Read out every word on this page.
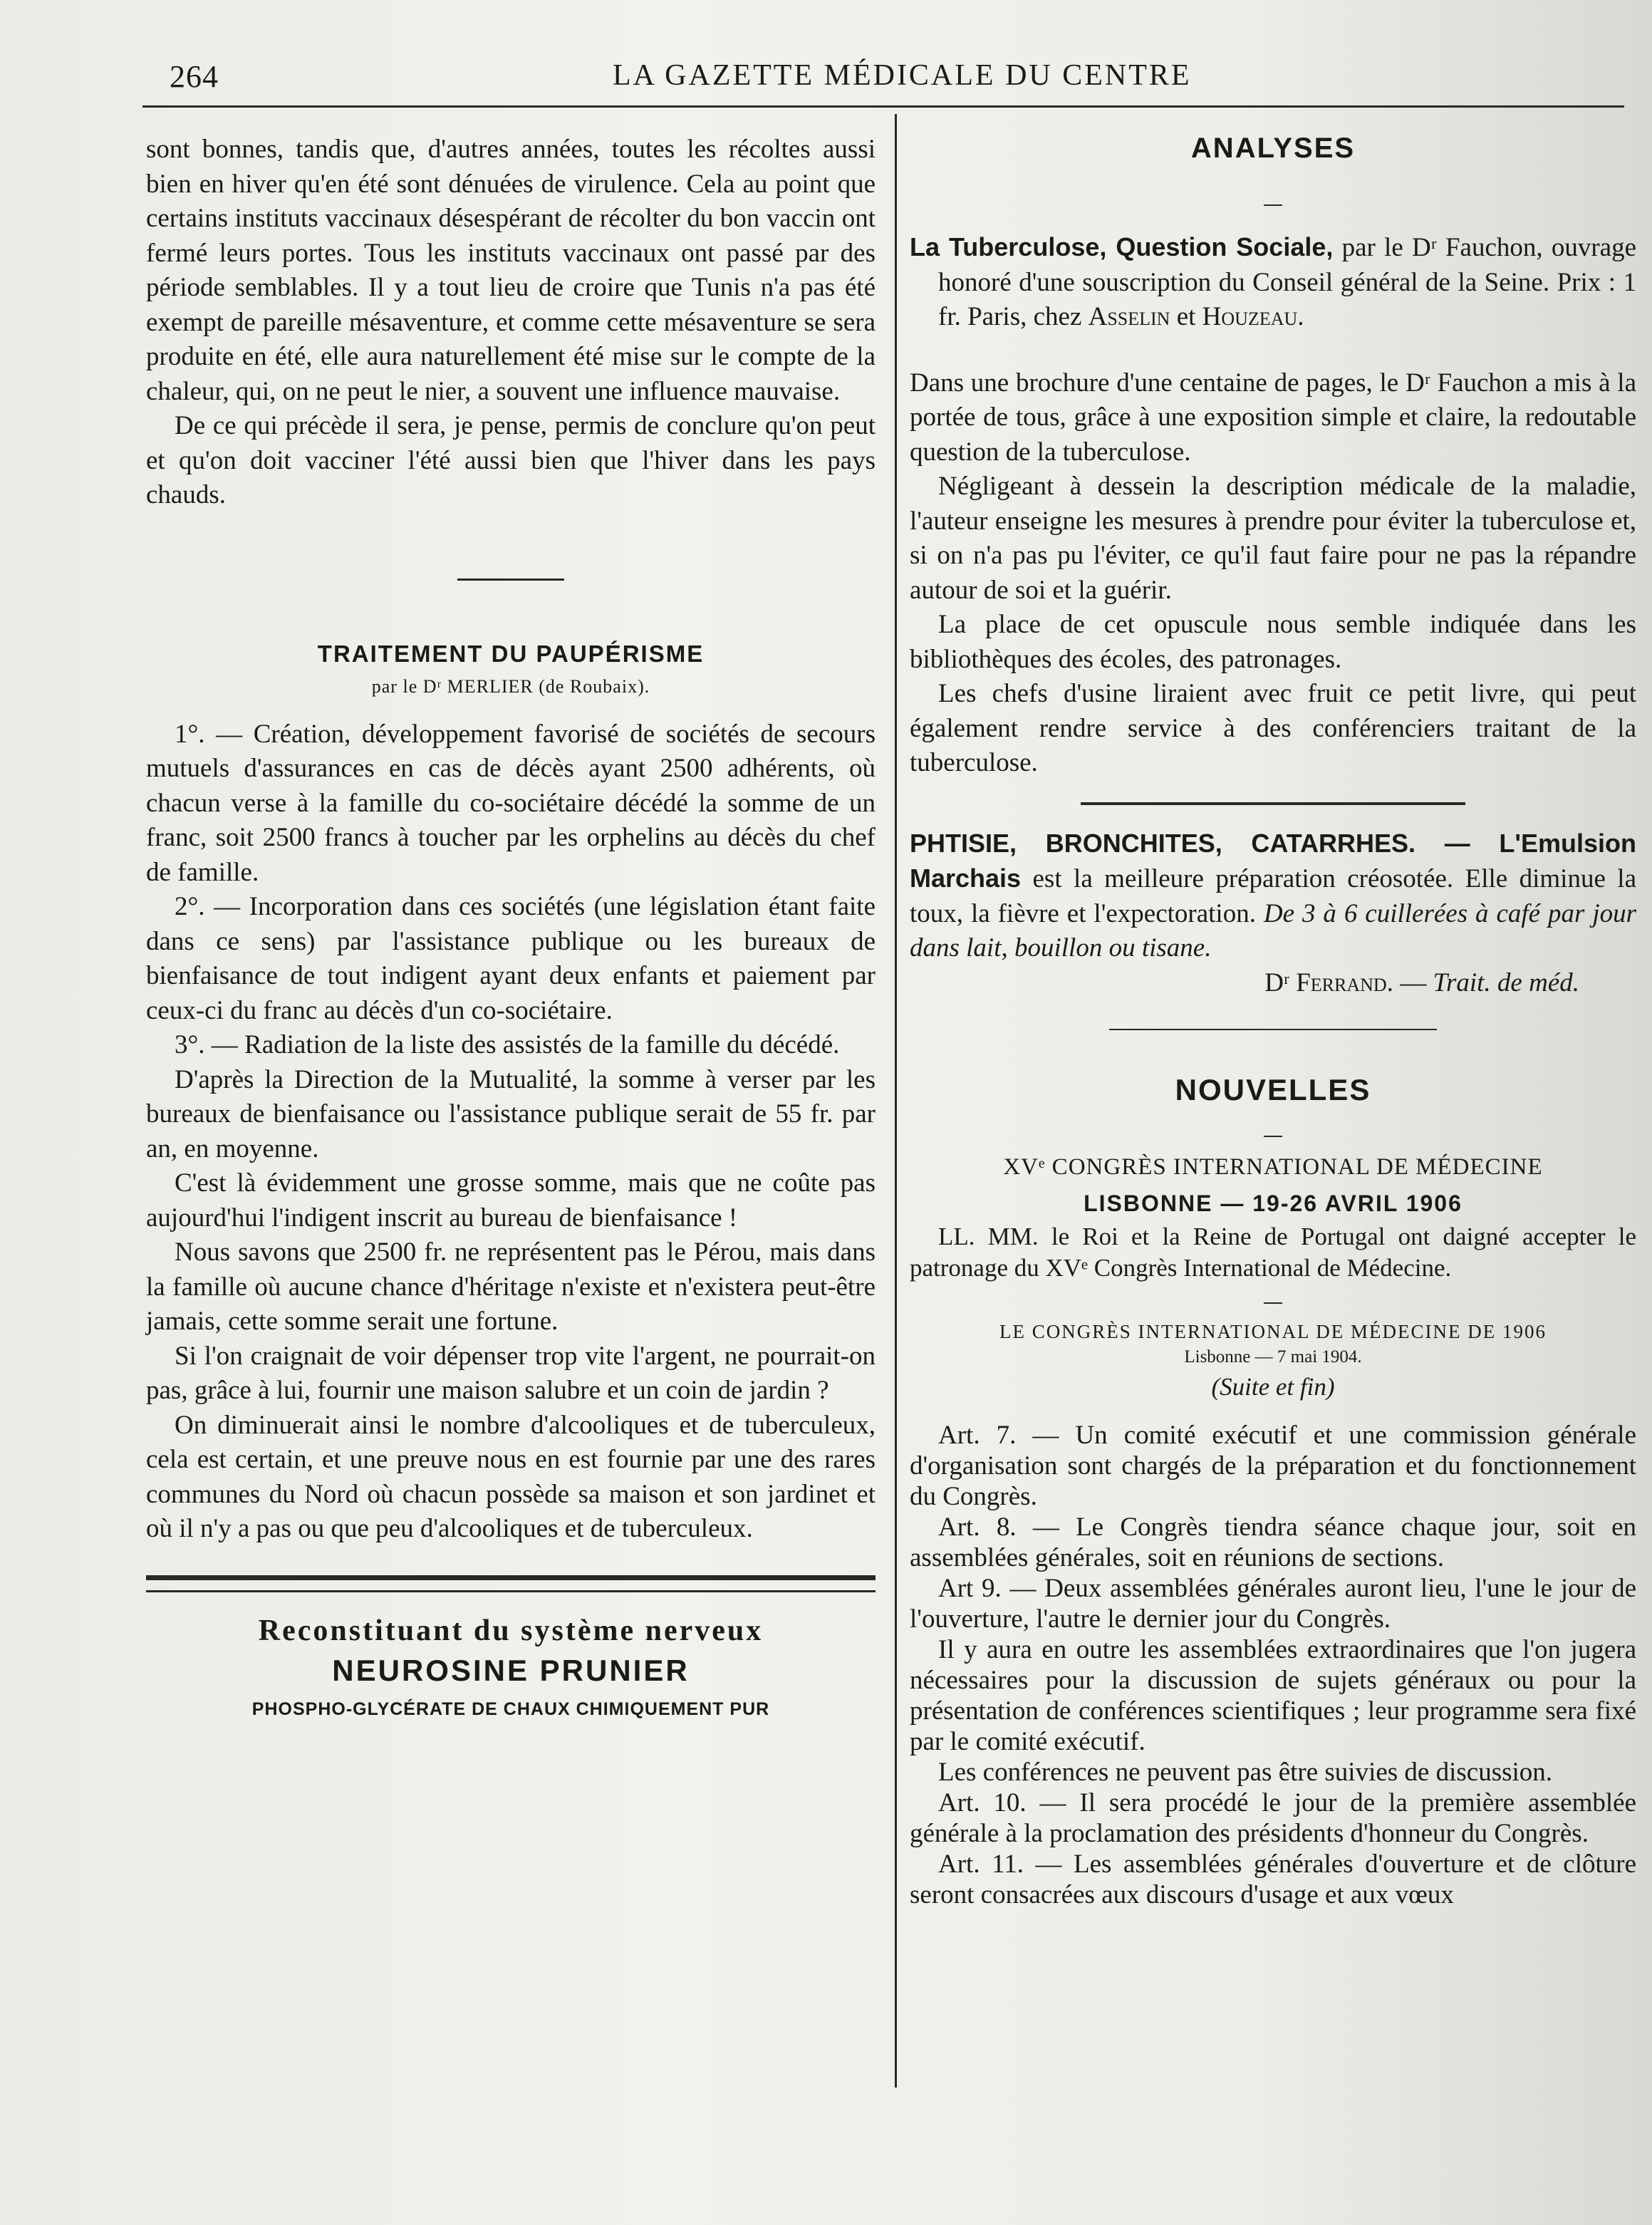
264	LA GAZETTE MÉDICALE DU CENTRE

sont bonnes, tandis que, d'autres années, toutes les récoltes aussi bien en hiver qu'en été sont dénuées de virulence. Cela au point que certains instituts vaccinaux désespérant de récolter du bon vaccin ont fermé leurs portes. Tous les instituts vaccinaux ont passé par des période semblables. Il y a tout lieu de croire que Tunis n'a pas été exempt de pareille mésaventure, et comme cette mésaventure se sera produite en été, elle aura naturellement été mise sur le compte de la chaleur, qui, on ne peut le nier, a souvent une influence mauvaise.

De ce qui précède il sera, je pense, permis de conclure qu'on peut et qu'on doit vacciner l'été aussi bien que l'hiver dans les pays chauds.

TRAITEMENT DU PAUPÉRISME
par le Dʳ MERLIER (de Roubaix).

1°. — Création, développement favorisé de sociétés de secours mutuels d'assurances en cas de décès ayant 2500 adhérents, où chacun verse à la famille du co-sociétaire décédé la somme de un franc, soit 2500 francs à toucher par les orphelins au décès du chef de famille.

2°. — Incorporation dans ces sociétés (une législation étant faite dans ce sens) par l'assistance publique ou les bureaux de bienfaisance de tout indigent ayant deux enfants et paiement par ceux-ci du franc au décès d'un co-sociétaire.

3°. — Radiation de la liste des assistés de la famille du décédé.

D'après la Direction de la Mutualité, la somme à verser par les bureaux de bienfaisance ou l'assistance publique serait de 55 fr. par an, en moyenne.

C'est là évidemment une grosse somme, mais que ne coûte pas aujourd'hui l'indigent inscrit au bureau de bienfaisance !

Nous savons que 2500 fr. ne représentent pas le Pérou, mais dans la famille où aucune chance d'héritage n'existe et n'existera peut-être jamais, cette somme serait une fortune.

Si l'on craignait de voir dépenser trop vite l'argent, ne pourrait-on pas, grâce à lui, fournir une maison salubre et un coin de jardin ?

On diminuerait ainsi le nombre d'alcooliques et de tuberculeux, cela est certain, et une preuve nous en est fournie par une des rares communes du Nord où chacun possède sa maison et son jardinet et où il n'y a pas ou que peu d'alcooliques et de tuberculeux.

Reconstituant du système nerveux
NEUROSINE PRUNIER
PHOSPHO-GLYCÉRATE DE CHAUX CHIMIQUEMENT PUR
ANALYSES

La Tuberculose, Question Sociale, par le Dʳ Fauchon, ouvrage honoré d'une souscription du Conseil général de la Seine. Prix : 1 fr. Paris, chez Asselin et Houzeau.

Dans une brochure d'une centaine de pages, le Dʳ Fauchon a mis à la portée de tous, grâce à une exposition simple et claire, la redoutable question de la tuberculose.

Négligeant à dessein la description médicale de la maladie, l'auteur enseigne les mesures à prendre pour éviter la tuberculose et, si on n'a pas pu l'éviter, ce qu'il faut faire pour ne pas la répandre autour de soi et la guérir.

La place de cet opuscule nous semble indiquée dans les bibliothèques des écoles, des patronages.

Les chefs d'usine liraient avec fruit ce petit livre, qui peut également rendre service à des conférenciers traitant de la tuberculose.

PHTISIE, BRONCHITES, CATARRHES. — L'Emulsion Marchais est la meilleure préparation créosotée. Elle diminue la toux, la fièvre et l'expectoration. De 3 à 6 cuillerées à café par jour dans lait, bouillon ou tisane.

Dʳ Ferrand. — Trait. de méd.

NOUVELLES
XVᵉ CONGRÈS INTERNATIONAL DE MÉDECINE
LISBONNE — 19-26 AVRIL 1906

LL. MM. le Roi et la Reine de Portugal ont daigné accepter le patronage du XVᵉ Congrès International de Médecine.

LE CONGRÈS INTERNATIONAL DE MÉDECINE DE 1906
Lisbonne — 7 mai 1904.
(Suite et fin)

Art. 7. — Un comité exécutif et une commission générale d'organisation sont chargés de la préparation et du fonctionnement du Congrès.

Art. 8. — Le Congrès tiendra séance chaque jour, soit en assemblées générales, soit en réunions de sections.

Art 9. — Deux assemblées générales auront lieu, l'une le jour de l'ouverture, l'autre le dernier jour du Congrès.

Il y aura en outre les assemblées extraordinaires que l'on jugera nécessaires pour la discussion de sujets généraux ou pour la présentation de conférences scientifiques ; leur programme sera fixé par le comité exécutif.

Les conférences ne peuvent pas être suivies de discussion.

Art. 10. — Il sera procédé le jour de la première assemblée générale à la proclamation des présidents d'honneur du Congrès.

Art. 11. — Les assemblées générales d'ouverture et de clôture seront consacrées aux discours d'usage et aux vœux
